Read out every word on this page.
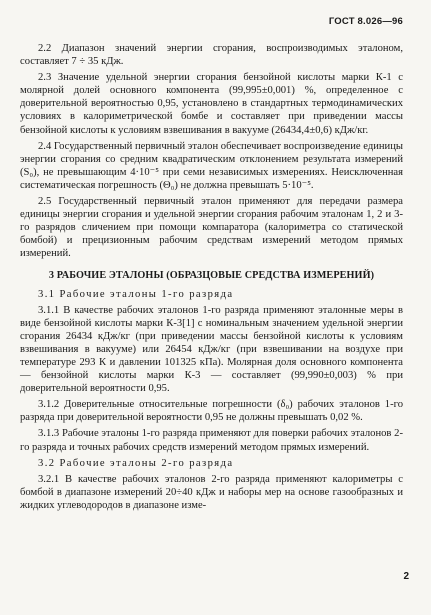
ГОСТ 8.026—96

2.2 Диапазон значений энергии сгорания, воспроизводимых эталоном, составляет 7 ÷ 35 кДж.

2.3 Значение удельной энергии сгорания бензойной кислоты марки К-1 с молярной долей основного компонента (99,995±0,001) %, определенное с доверительной вероятностью 0,95, установлено в стандартных термодинамических условиях в калориметрической бомбе и составляет при приведении массы бензойной кислоты к условиям взвешивания в вакууме (26434,4±0,6) кДж/кг.

2.4 Государственный первичный эталон обеспечивает воспроизведение единицы энергии сгорания со средним квадратическим отклонением результата измерений (S₀), не превышающим 4·10⁻⁵ при семи независимых измерениях. Неисключенная систематическая погрешность (Θ₀) не должна превышать 5·10⁻⁵.

2.5 Государственный первичный эталон применяют для передачи размера единицы энергии сгорания и удельной энергии сгорания рабочим эталонам 1, 2 и 3-го разрядов сличением при помощи компаратора (калориметра со статической бомбой) и прецизионным рабочим средствам измерений методом прямых измерений.

3 РАБОЧИЕ ЭТАЛОНЫ (ОБРАЗЦОВЫЕ СРЕДСТВА ИЗМЕРЕНИЙ)

3.1 Рабочие эталоны 1-го разряда

3.1.1 В качестве рабочих эталонов 1-го разряда применяют эталонные меры в виде бензойной кислоты марки К-3[1] с номинальным значением удельной энергии сгорания 26434 кДж/кг (при приведении массы бензойной кислоты к условиям взвешивания в вакууме) или 26454 кДж/кг (при взвешивании на воздухе при температуре 293 К и давлении 101325 кПа). Молярная доля основного компонента — бензойной кислоты марки К-3 — составляет (99,990±0,003) % при доверительной вероятности 0,95.

3.1.2 Доверительные относительные погрешности (δ₀) рабочих эталонов 1-го разряда при доверительной вероятности 0,95 не должны превышать 0,02 %.

3.1.3 Рабочие эталоны 1-го разряда применяют для поверки рабочих эталонов 2-го разряда и точных рабочих средств измерений методом прямых измерений.

3.2 Рабочие эталоны 2-го разряда

3.2.1 В качестве рабочих эталонов 2-го разряда применяют калориметры с бомбой в диапазоне измерений 20÷40 кДж и наборы мер на основе газообразных и жидких углеводородов в диапазоне изме-

2
